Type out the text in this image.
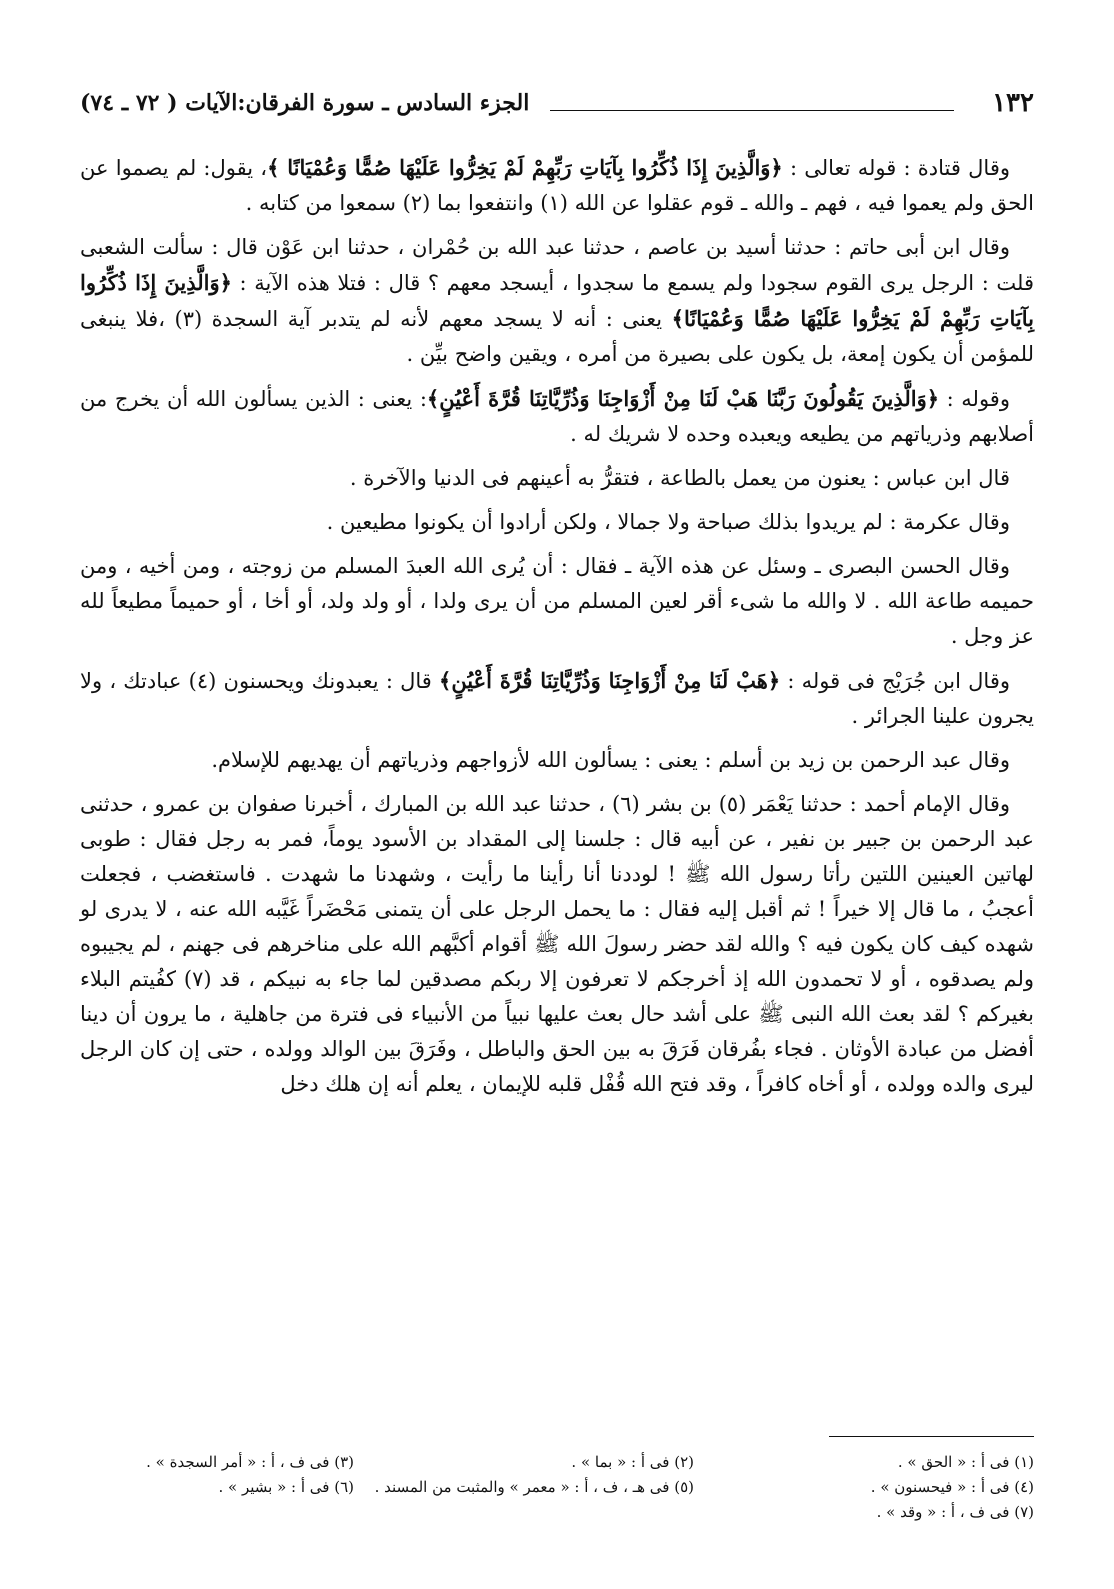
١٣٢
الجزء السادس ـ سورة الفرقان:الآيات ( ٧٢ ـ ٧٤)

وقال قتادة : قوله تعالى : ﴿وَالَّذِينَ إِذَا ذُكِّرُوا بِآيَاتِ رَبِّهِمْ لَمْ يَخِرُّوا عَلَيْهَا صُمًّا وَعُمْيَانًا ﴾، يقول: لم يصموا عن الحق ولم يعموا فيه ، فهم ـ والله ـ قوم عقلوا عن الله (١) وانتفعوا بما (٢) سمعوا من كتابه .

وقال ابن أبى حاتم : حدثنا أسيد بن عاصم ، حدثنا عبد الله بن حُمْران ، حدثنا ابن عَوْن قال : سألت الشعبى قلت : الرجل يرى القوم سجودا ولم يسمع ما سجدوا ، أيسجد معهم ؟ قال : فتلا هذه الآية : ﴿وَالَّذِينَ إِذَا ذُكِّرُوا بِآيَاتِ رَبِّهِمْ لَمْ يَخِرُّوا عَلَيْهَا صُمًّا وَعُمْيَانًا﴾ يعنى : أنه لا يسجد معهم لأنه لم يتدبر آية السجدة (٣) ،فلا ينبغى للمؤمن أن يكون إمعة، بل يكون على بصيرة من أمره ، ويقين واضح بيِّن .

وقوله : ﴿وَالَّذِينَ يَقُولُونَ رَبَّنَا هَبْ لَنَا مِنْ أَزْوَاجِنَا وَذُرِّيَّاتِنَا قُرَّةَ أَعْيُنٍ﴾: يعنى : الذين يسألون الله أن يخرج من أصلابهم وذرياتهم من يطيعه ويعبده وحده لا شريك له .

قال ابن عباس : يعنون من يعمل بالطاعة ، فتقرُّ به أعينهم فى الدنيا والآخرة .

وقال عكرمة : لم يريدوا بذلك صباحة ولا جمالا ، ولكن أرادوا أن يكونوا مطيعين .

وقال الحسن البصرى ـ وسئل عن هذه الآية ـ فقال : أن يُرى الله العبدَ المسلم من زوجته ، ومن أخيه ، ومن حميمه طاعة الله . لا والله ما شىء أقر لعين المسلم من أن يرى ولدا ، أو ولد ولد، أو أخا ، أو حميماً مطيعاً لله عز وجل .

وقال ابن جُرَيْج فى قوله : ﴿هَبْ لَنَا مِنْ أَزْوَاجِنَا وَذُرِّيَّاتِنَا قُرَّةَ أَعْيُنٍ﴾ قال : يعبدونك ويحسنون (٤) عبادتك ، ولا يجرون علينا الجرائر .

وقال عبد الرحمن بن زيد بن أسلم : يعنى : يسألون الله لأزواجهم وذرياتهم أن يهديهم للإسلام.

وقال الإمام أحمد : حدثنا يَعْمَر (٥) بن بشر (٦) ، حدثنا عبد الله بن المبارك ، أخبرنا صفوان بن عمرو ، حدثنى عبد الرحمن بن جبير بن نفير ، عن أبيه قال : جلسنا إلى المقداد بن الأسود يوماً، فمر به رجل فقال : طوبى لهاتين العينين اللتين رأتا رسول الله ﷺ ! لوددنا أنا رأينا ما رأيت ، وشهدنا ما شهدت . فاستغضب ، فجعلت أعجبُ ، ما قال إلا خيراً ! ثم أقبل إليه فقال : ما يحمل الرجل على أن يتمنى مَحْضَراً غَيَّبه الله عنه ، لا يدرى لو شهده كيف كان يكون فيه ؟ والله لقد حضر رسولَ الله ﷺ أقوام أكبَّهم الله على مناخرهم فى جهنم ، لم يجيبوه ولم يصدقوه ، أو لا تحمدون الله إذ أخرجكم لا تعرفون إلا ربكم مصدقين لما جاء به نبيكم ، قد (٧) كفُيتم البلاء بغيركم ؟ لقد بعث الله النبى ﷺ على أشد حال بعث عليها نبياً من الأنبياء فى فترة من جاهلية ، ما يرون أن دينا أفضل من عبادة الأوثان . فجاء بفُرقان فَرَقَ به بين الحق والباطل ، وفَرَقَ بين الوالد وولده ، حتى إن كان الرجل ليرى والده وولده ، أو أخاه كافراً ، وقد فتح الله قُفْل قلبه للإيمان ، يعلم أنه إن هلك دخل

(١) فى أ : « الحق » .
(٢) فى أ : « بما » .
(٣) فى ف ، أ : « أمر السجدة » .
(٤) فى أ : « فيحسنون » .
(٥) فى هـ ، ف ، أ : « معمر » والمثبت من المسند .
(٦) فى أ : « بشير » .
(٧) فى ف ، أ : « وقد » .
